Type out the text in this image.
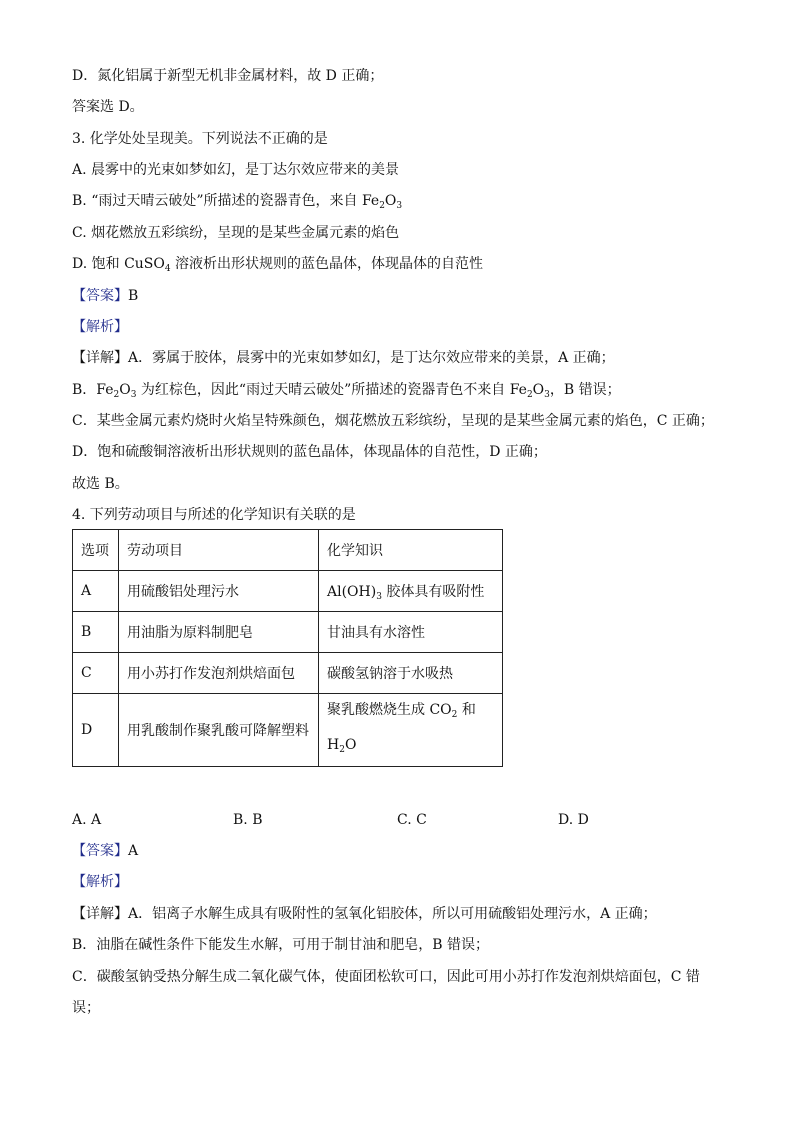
D．氮化铝属于新型无机非金属材料，故 D 正确；
答案选 D。
3. 化学处处呈现美。下列说法不正确的是
A. 晨雾中的光束如梦如幻，是丁达尔效应带来的美景
B. “雨过天晴云破处”所描述的瓷器青色，来自 $Fe_2O_3$
C. 烟花燃放五彩缤纷，呈现的是某些金属元素的焰色
D. 饱和 CuSO$_4$ 溶液析出形状规则的蓝色晶体，体现晶体的自范性
【答案】B
【解析】
【详解】A．雾属于胶体，晨雾中的光束如梦如幻，是丁达尔效应带来的美景，A 正确；
B．$Fe_2O_3$ 为红棕色，因此“雨过天晴云破处”所描述的瓷器青色不来自 $Fe_2O_3$，B 错误；
C．某些金属元素灼烧时火焰呈特殊颜色，烟花燃放五彩缤纷，呈现的是某些金属元素的焰色，C 正确；
D．饱和硫酸铜溶液析出形状规则的蓝色晶体，体现晶体的自范性，D 正确；
故选 B。
4. 下列劳动项目与所述的化学知识有关联的是
选项	劳动项目	化学知识
A	用硫酸铝处理污水	$Al(OH)_3$ 胶体具有吸附性
B	用油脂为原料制肥皂	甘油具有水溶性
C	用小苏打作发泡剂烘焙面包	碳酸氢钠溶于水吸热
D	用乳酸制作聚乳酸可降解塑料	聚乳酸燃烧生成 $CO_2$ 和
$H_2O$
A. A	B. B	C. C	D. D
【答案】A
【解析】
【详解】A．铝离子水解生成具有吸附性的氢氧化铝胶体，所以可用硫酸铝处理污水，A 正确；
B．油脂在碱性条件下能发生水解，可用于制甘油和肥皂，B 错误；
C．碳酸氢钠受热分解生成二氧化碳气体，使面团松软可口，因此可用小苏打作发泡剂烘焙面包，C 错
误；
